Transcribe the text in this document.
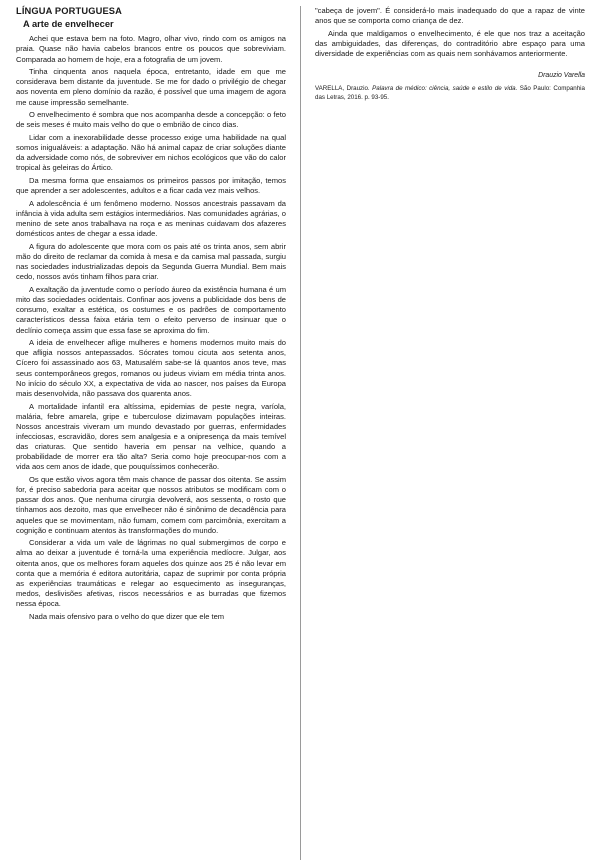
LÍNGUA PORTUGUESA
A arte de envelhecer

Achei que estava bem na foto. Magro, olhar vivo, rindo com os amigos na praia. Quase não havia cabelos brancos entre os poucos que sobreviviam. Comparada ao homem de hoje, era a fotografia de um jovem.

Tinha cinquenta anos naquela época, entretanto, idade em que me considerava bem distante da juventude. Se me for dado o privilégio de chegar aos noventa em pleno domínio da razão, é possível que uma imagem de agora me cause impressão semelhante.

O envelhecimento é sombra que nos acompanha desde a concepção: o feto de seis meses é muito mais velho do que o embrião de cinco dias.

Lidar com a inexorabilidade desse processo exige uma habilidade na qual somos inigualáveis: a adaptação. Não há animal capaz de criar soluções diante da adversidade como nós, de sobreviver em nichos ecológicos que vão do calor tropical às geleiras do Ártico.

Da mesma forma que ensaiamos os primeiros passos por imitação, temos que aprender a ser adolescentes, adultos e a ficar cada vez mais velhos.

A adolescência é um fenômeno moderno. Nossos ancestrais passavam da infância à vida adulta sem estágios intermediários. Nas comunidades agrárias, o menino de sete anos trabalhava na roça e as meninas cuidavam dos afazeres domésticos antes de chegar a essa idade.

A figura do adolescente que mora com os pais até os trinta anos, sem abrir mão do direito de reclamar da comida à mesa e da camisa mal passada, surgiu nas sociedades industrializadas depois da Segunda Guerra Mundial. Bem mais cedo, nossos avós tinham filhos para criar.

A exaltação da juventude como o período áureo da existência humana é um mito das sociedades ocidentais. Confinar aos jovens a publicidade dos bens de consumo, exaltar a estética, os costumes e os padrões de comportamento característicos dessa faixa etária tem o efeito perverso de insinuar que o declínio começa assim que essa fase se aproxima do fim.

A ideia de envelhecer aflige mulheres e homens modernos muito mais do que afligia nossos antepassados. Sócrates tomou cicuta aos setenta anos, Cícero foi assassinado aos 63, Matusalém sabe-se lá quantos anos teve, mas seus contemporâneos gregos, romanos ou judeus viviam em média trinta anos. No início do século XX, a expectativa de vida ao nascer, nos países da Europa mais desenvolvida, não passava dos quarenta anos.

A mortalidade infantil era altíssima, epidemias de peste negra, varíola, malária, febre amarela, gripe e tuberculose dizimavam populações inteiras. Nossos ancestrais viveram um mundo devastado por guerras, enfermidades infecciosas, escravidão, dores sem analgesia e a onipresença da mais temível das criaturas. Que sentido haveria em pensar na velhice, quando a probabilidade de morrer era tão alta? Seria como hoje preocupar-nos com a vida aos cem anos de idade, que pouquíssimos conhecerão.

Os que estão vivos agora têm mais chance de passar dos oitenta. Se assim for, é preciso sabedoria para aceitar que nossos atributos se modificam com o passar dos anos. Que nenhuma cirurgia devolverá, aos sessenta, o rosto que tínhamos aos dezoito, mas que envelhecer não é sinônimo de decadência para aqueles que se movimentam, não fumam, comem com parcimônia, exercitam a cognição e continuam atentos às transformações do mundo.

Considerar a vida um vale de lágrimas no qual submergimos de corpo e alma ao deixar a juventude é torná-la uma experiência medíocre. Julgar, aos oitenta anos, que os melhores foram aqueles dos quinze aos 25 é não levar em conta que a memória é editora autoritária, capaz de suprimir por conta própria as experiências traumáticas e relegar ao esquecimento as inseguranças, medos, deslivisões afetivas, riscos necessários e as burradas que fizemos nessa época.

Nada mais ofensivo para o velho do que dizer que ele tem

"cabeça de jovem". É considerá-lo mais inadequado do que a rapaz de vinte anos que se comporta como criança de dez.

Ainda que maldigamos o envelhecimento, é ele que nos traz a aceitação das ambiguidades, das diferenças, do contraditório abre espaço para uma diversidade de experiências com as quais nem sonhávamos anteriormente.

Drauzio Varella
VARELLA, Drauzio. Palavra de médico: ciência, saúde e estilo de vida. São Paulo: Companhia das Letras, 2016. p. 93-95.
